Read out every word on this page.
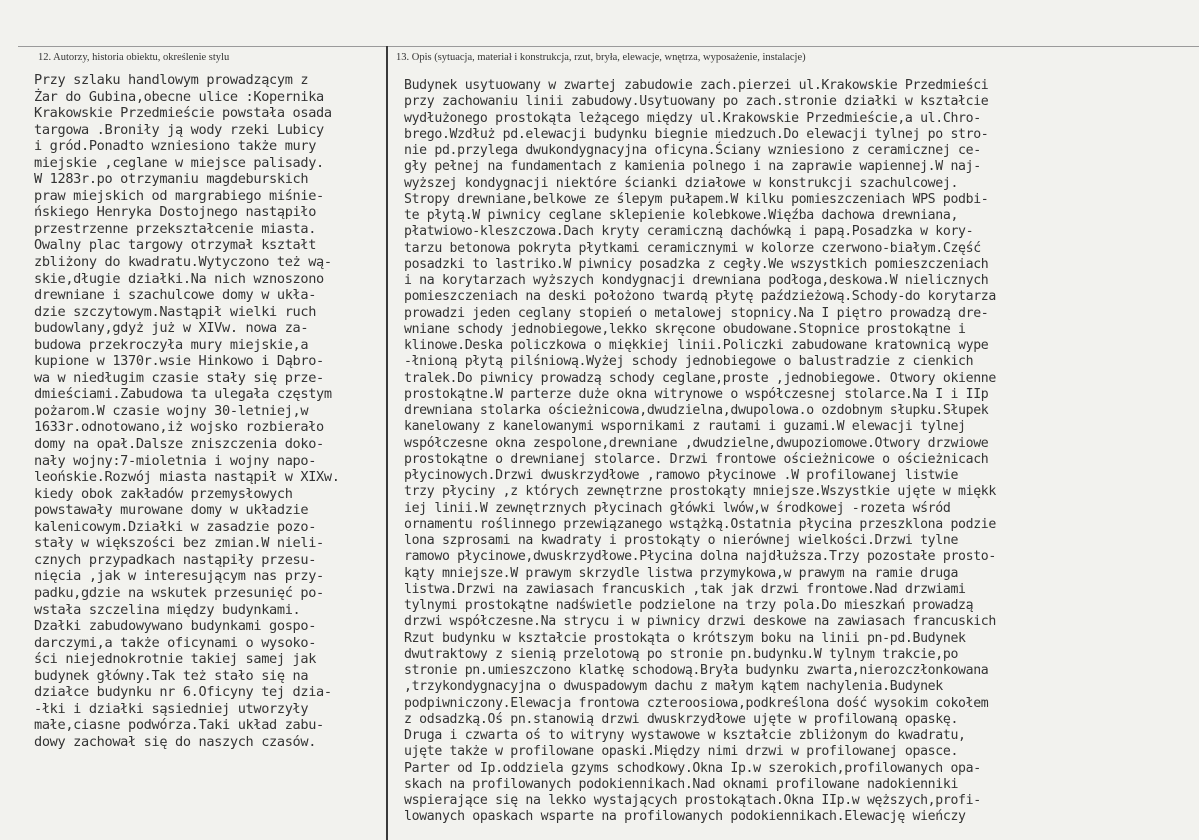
12. Autorzy, historia obiektu, określenie stylu	13. Opis (sytuacja, materiał i konstrukcja, rzut, bryła, elewacje, wnętrza, wyposażenie, instalacje)
Przy szlaku handlowym prowadzącym z
Żar do Gubina,obecne ulice :Kopernika
Krakowskie Przedmieście powstała osada
targowa .Broniły ją wody rzeki Lubicy
i gród.Ponadto wzniesiono także mury
miejskie ,ceglane w miejsce palisady.
W 1283r.po otrzymaniu magdeburskich
praw miejskich od margrabiego miśnie-
ńskiego Henryka Dostojnego nastąpiło
przestrzenne przekształcenie miasta.
Owalny plac targowy otrzymał kształt
zbliżony do kwadratu.Wytyczono też wą-
skie,długie działki.Na nich wznoszono
drewniane i szachulcowe domy w ukła-
dzie szczytowym.Nastąpił wielki ruch
budowlany,gdyż już w XIVw. nowa za-
budowa przekroczyła mury miejskie,a
kupione w 1370r.wsie Hinkowo i Dąbro-
wa w niedługim czasie stały się prze-
dmieściami.Zabudowa ta ulegała częstym
pożarom.W czasie wojny 30-letniej,w
1633r.odnotowano,iż wojsko rozbierało
domy na opał.Dalsze zniszczenia doko-
nały wojny:7-mioletnia i wojny napo-
leońskie.Rozwój miasta nastąpił w XIXw.
kiedy obok zakładów przemysłowych
powstawały murowane domy w układzie
kalenicowym.Działki w zasadzie pozo-
stały w większości bez zmian.W nieli-
cznych przypadkach nastąpiły przesu-
nięcia ,jak w interesującym nas przy-
padku,gdzie na wskutek przesunięć po-
wstała szczelina między budynkami.
Dzałki zabudowywano budynkami gospo-
darczymi,a także oficynami o wysoko-
ści niejednokrotnie takiej samej jak
budynek główny.Tak też stało się na
działce budynku nr 6.Oficyny tej dzia-
-łki i działki sąsiedniej utworzyły
małe,ciasne podwórza.Taki układ zabu-
dowy zachował się do naszych czasów.
Budynek usytuowany w zwartej zabudowie zach.pierzei ul.Krakowskie Przedmieści
przy zachowaniu linii zabudowy.Usytuowany po zach.stronie działki w kształcie
wydłużonego prostokąta leżącego między ul.Krakowskie Przedmieście,a ul.Chro-
brego.Wzdłuż pd.elewacji budynku biegnie miedzuch.Do elewacji tylnej po stro-
nie pd.przylega dwukondygnacyjna oficyna.Ściany wzniesiono z ceramicznej ce-
gły pełnej na fundamentach z kamienia polnego i na zaprawie wapiennej.W naj-
wyższej kondygnacji niektóre ścianki działowe w konstrukcji szachulcowej.
Stropy drewniane,belkowe ze ślepym pułapem.W kilku pomieszczeniach WPS podbi-
te płytą.W piwnicy ceglane sklepienie kolebkowe.Więźba dachowa drewniana,
płatwiowo-kleszczowa.Dach kryty ceramiczną dachówką i papą.Posadzka w kory-
tarzu betonowa pokryta płytkami ceramicznymi w kolorze czerwono-białym.Część
posadzki to lastriko.W piwnicy posadzka z cegły.We wszystkich pomieszczeniach
i na korytarzach wyższych kondygnacji drewniana podłoga,deskowa.W nielicznych
pomieszczeniach na deski położono twardą płytę paździeżową.Schody-do korytarza
prowadzi jeden ceglany stopień o metalowej stopnicy.Na I piętro prowadzą dre-
wniane schody jednobiegowe,lekko skręcone obudowane.Stopnice prostokątne i
klinowe.Deska policzkowa o miękkiej linii.Policzki zabudowane kratownicą wype
-łnioną płytą pilśniową.Wyżej schody jednobiegowe o balustradzie z cienkich
tralek.Do piwnicy prowadzą schody ceglane,proste ,jednobiegowe. Otwory okienne
prostokątne.W parterze duże okna witrynowe o współczesnej stolarce.Na I i IIp
drewniana stolarka ościeżnicowa,dwudzielna,dwupolowa.o ozdobnym słupku.Słupek
kanelowany z kanelowanymi wspornikami z rautami i guzami.W elewacji tylnej
współczesne okna zespolone,drewniane ,dwudzielne,dwupoziomowe.Otwory drzwiowe
prostokątne o drewnianej stolarce. Drzwi frontowe ościeżnicowe o ościeżnicach
płycinowych.Drzwi dwuskrzydłowe ,ramowo płycinowe .W profilowanej listwie
trzy płyciny ,z których zewnętrzne prostokąty mniejsze.Wszystkie ujęte w miękk
iej linii.W zewnętrznych płycinach główki lwów,w środkowej -rozeta wśród
ornamentu roślinnego przewiązanego wstążką.Ostatnia płycina przeszklona podzie
lona szprosami na kwadraty i prostokąty o nierównej wielkości.Drzwi tylne
ramowo płycinowe,dwuskrzydłowe.Płycina dolna najdłuższa.Trzy pozostałe prosto-
kąty mniejsze.W prawym skrzydle listwa przymykowa,w prawym na ramie druga
listwa.Drzwi na zawiasach francuskich ,tak jak drzwi frontowe.Nad drzwiami
tylnymi prostokątne nadświetle podzielone na trzy pola.Do mieszkań prowadzą
drzwi współczesne.Na strycu i w piwnicy drzwi deskowe na zawiasach francuskich
Rzut budynku w kształcie prostokąta o krótszym boku na linii pn-pd.Budynek
dwutraktowy z sienią przelotową po stronie pn.budynku.W tylnym trakcie,po
stronie pn.umieszczono klatkę schodową.Bryła budynku zwarta,nierozczłonkowana
,trzykondygnacyjna o dwuspadowym dachu z małym kątem nachylenia.Budynek
podpiwniczony.Elewacja frontowa czteroosiowa,podkreślona dość wysokim cokołem
z odsadzką.Oś pn.stanowią drzwi dwuskrzydłowe ujęte w profilowaną opaskę.
Druga i czwarta oś to witryny wystawowe w kształcie zbliżonym do kwadratu,
ujęte także w profilowane opaski.Między nimi drzwi w profilowanej opasce.
Parter od Ip.oddziela gzyms schodkowy.Okna Ip.w szerokich,profilowanych opa-
skach na profilowanych podokiennikach.Nad oknami profilowane nadokienniki
wspierające się na lekko wystających prostokątach.Okna IIp.w węższych,profi-
lowanych opaskach wsparte na profilowanych podokiennikach.Elewację wieńczy
